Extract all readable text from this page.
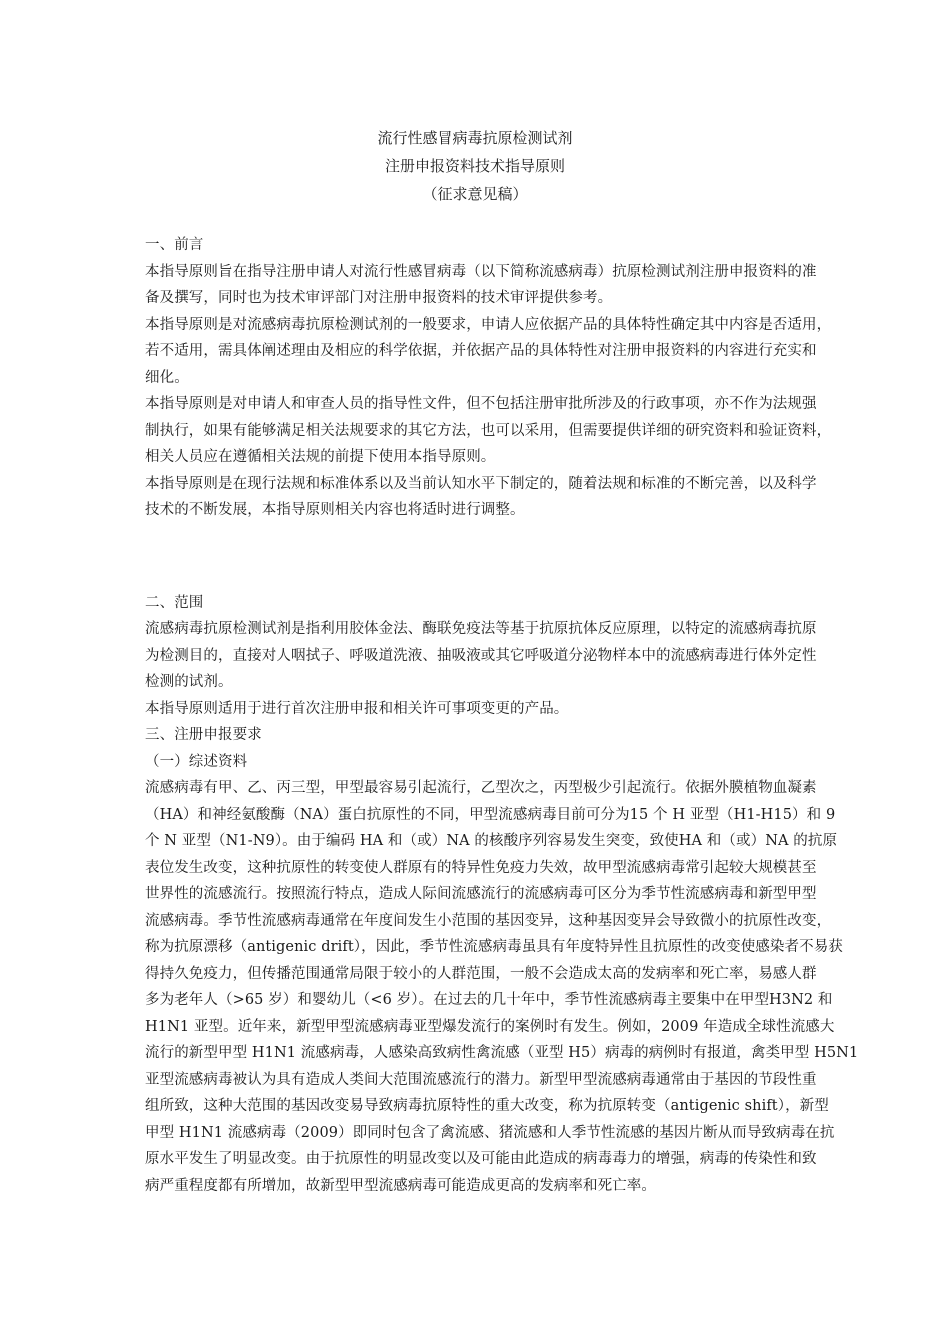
流行性感冒病毒抗原检测试剂
注册申报资料技术指导原则
（征求意见稿）
一、前言
本指导原则旨在指导注册申请人对流行性感冒病毒（以下简称流感病毒）抗原检测试剂注册申报资料的准
备及撰写，同时也为技术审评部门对注册申报资料的技术审评提供参考。
本指导原则是对流感病毒抗原检测试剂的一般要求，申请人应依据产品的具体特性确定其中内容是否适用，
若不适用，需具体阐述理由及相应的科学依据，并依据产品的具体特性对注册申报资料的内容进行充实和
细化。
本指导原则是对申请人和审查人员的指导性文件，但不包括注册审批所涉及的行政事项，亦不作为法规强
制执行，如果有能够满足相关法规要求的其它方法，也可以采用，但需要提供详细的研究资料和验证资料，
相关人员应在遵循相关法规的前提下使用本指导原则。
本指导原则是在现行法规和标准体系以及当前认知水平下制定的，随着法规和标准的不断完善，以及科学
技术的不断发展，本指导原则相关内容也将适时进行调整。
二、范围
流感病毒抗原检测试剂是指利用胶体金法、酶联免疫法等基于抗原抗体反应原理，以特定的流感病毒抗原
为检测目的，直接对人咽拭子、呼吸道洗液、抽吸液或其它呼吸道分泌物样本中的流感病毒进行体外定性
检测的试剂。
本指导原则适用于进行首次注册申报和相关许可事项变更的产品。
三、注册申报要求
（一）综述资料
流感病毒有甲、乙、丙三型，甲型最容易引起流行，乙型次之，丙型极少引起流行。依据外膜植物血凝素
（HA）和神经氨酸酶（NA）蛋白抗原性的不同，甲型流感病毒目前可分为15 个 H 亚型（H1-H15）和 9
个 N 亚型（N1-N9）。由于编码 HA 和（或）NA 的核酸序列容易发生突变，致使HA 和（或）NA 的抗原
表位发生改变，这种抗原性的转变使人群原有的特异性免疫力失效，故甲型流感病毒常引起较大规模甚至
世界性的流感流行。按照流行特点，造成人际间流感流行的流感病毒可区分为季节性流感病毒和新型甲型
流感病毒。季节性流感病毒通常在年度间发生小范围的基因变异，这种基因变异会导致微小的抗原性改变，
称为抗原漂移（antigenic drift），因此，季节性流感病毒虽具有年度特异性且抗原性的改变使感染者不易获
得持久免疫力，但传播范围通常局限于较小的人群范围，一般不会造成太高的发病率和死亡率，易感人群
多为老年人（>65 岁）和婴幼儿（<6 岁）。在过去的几十年中，季节性流感病毒主要集中在甲型H3N2 和
H1N1 亚型。近年来，新型甲型流感病毒亚型爆发流行的案例时有发生。例如，2009 年造成全球性流感大
流行的新型甲型 H1N1 流感病毒，人感染高致病性禽流感（亚型 H5）病毒的病例时有报道，禽类甲型 H5N1
亚型流感病毒被认为具有造成人类间大范围流感流行的潜力。新型甲型流感病毒通常由于基因的节段性重
组所致，这种大范围的基因改变易导致病毒抗原特性的重大改变，称为抗原转变（antigenic shift），新型
甲型 H1N1 流感病毒（2009）即同时包含了禽流感、猪流感和人季节性流感的基因片断从而导致病毒在抗
原水平发生了明显改变。由于抗原性的明显改变以及可能由此造成的病毒毒力的增强，病毒的传染性和致
病严重程度都有所增加，故新型甲型流感病毒可能造成更高的发病率和死亡率。
